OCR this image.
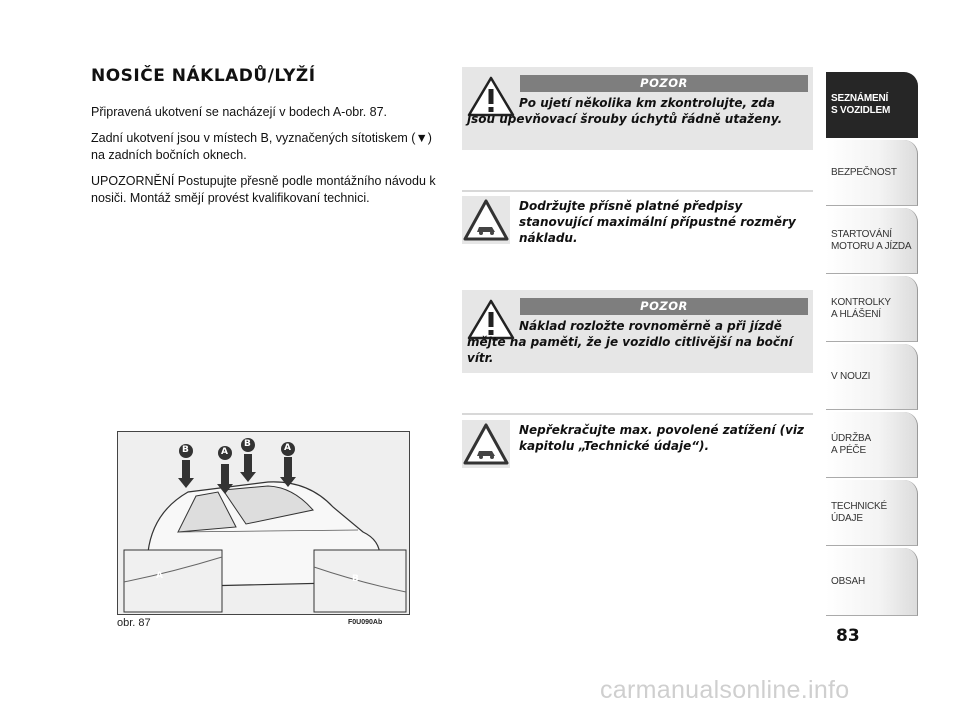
NOSIČE NÁKLADŮ/LYŽÍ
Připravená ukotvení se nacházejí v bodech A-obr. 87.
Zadní ukotvení jsou v místech B, vyznačených sítotiskem (▼) na zadních bočních oknech.
UPOZORNĚNÍ Postupujte přesně podle montážního návodu k nosiči. Montáž smějí provést kvalifikovaní technici.
B	A
B	A
A	B
obr. 87	F0U090Ab
POZOR
Po ujetí několika km zkontrolujte, zda jsou upevňovací šrouby úchytů řádně utaženy.
Dodržujte přísně platné předpisy stanovující maximální přípustné rozměry nákladu.
POZOR
Náklad rozložte rovnoměrně a při jízdě mějte na paměti, že je vozidlo citlivější na boční vítr.
Nepřekračujte max. povolené zatížení (viz kapitolu „Technické údaje“).
SEZNÁMENÍ
S VOZIDLEM
BEZPEČNOST
STARTOVÁNÍ
MOTORU A JÍZDA
KONTROLKY
A HLÁŠENÍ
V NOUZI
ÚDRŽBA
A PÉČE
TECHNICKÉ
ÚDAJE
OBSAH
83
carmanualsonline.info
